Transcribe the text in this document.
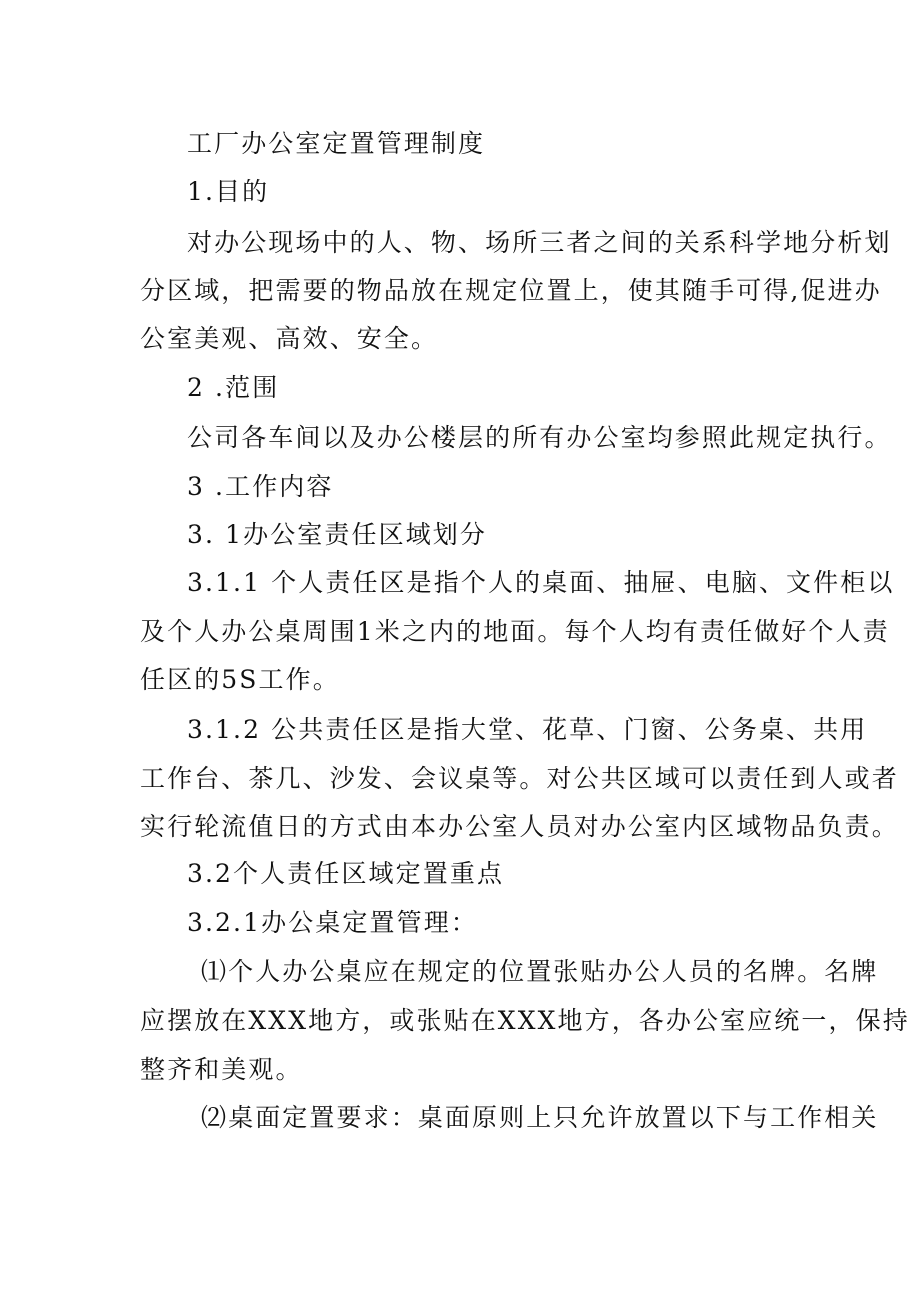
工厂办公室定置管理制度
1.目的
对办公现场中的人、物、场所三者之间的关系科学地分析划
分区域，把需要的物品放在规定位置上，使其随手可得,促进办
公室美观、高效、安全。
2 .范围
公司各车间以及办公楼层的所有办公室均参照此规定执行。
3 .工作内容
3. 1办公室责任区域划分
3.1.1 个人责任区是指个人的桌面、抽屉、电脑、文件柜以
及个人办公桌周围1米之内的地面。每个人均有责任做好个人责
任区的5S工作。
3.1.2 公共责任区是指大堂、花草、门窗、公务桌、共用
工作台、茶几、沙发、会议桌等。对公共区域可以责任到人或者
实行轮流值日的方式由本办公室人员对办公室内区域物品负责。
3.2个人责任区域定置重点
3.2.1办公桌定置管理：
⑴个人办公桌应在规定的位置张贴办公人员的名牌。名牌
应摆放在XXX地方，或张贴在XXX地方，各办公室应统一，保持
整齐和美观。
⑵桌面定置要求：桌面原则上只允许放置以下与工作相关
